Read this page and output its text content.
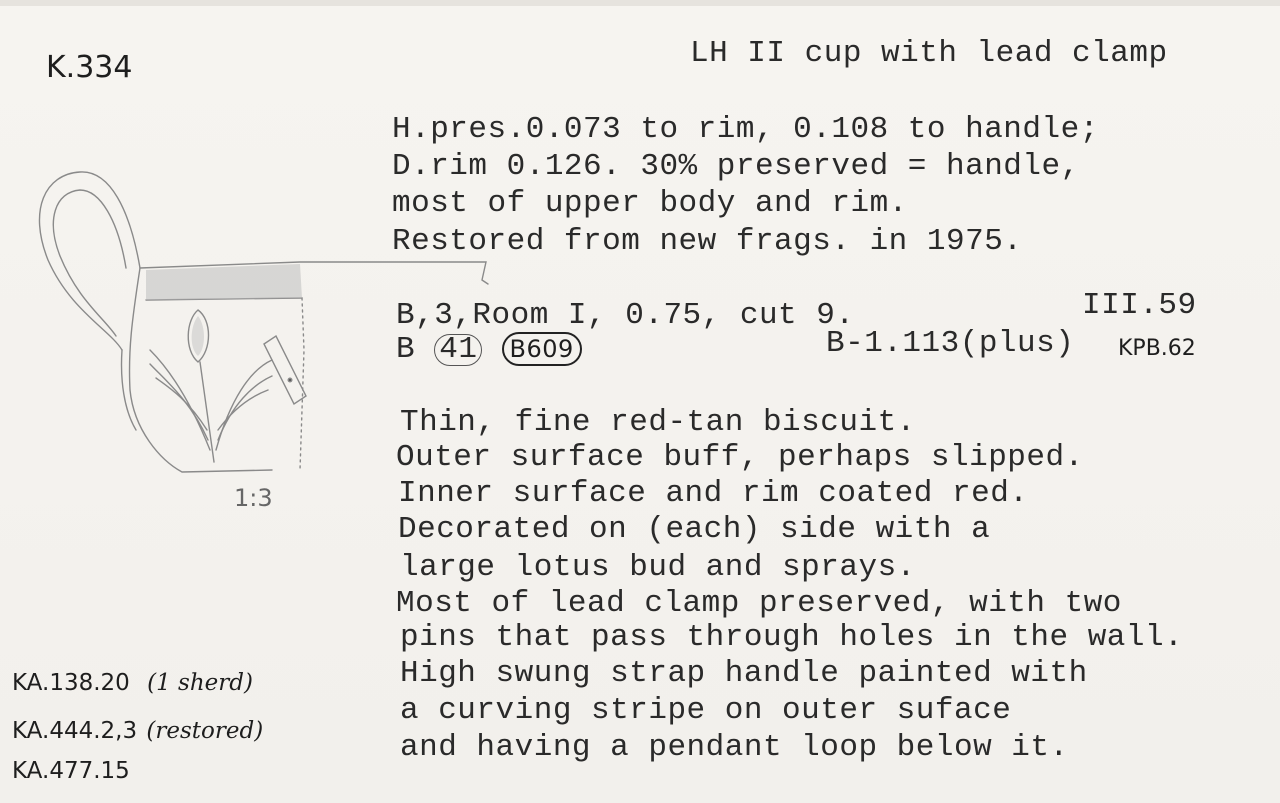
K.334	LH II cup with lead clamp
H.pres.0.073 to rim, 0.108 to handle;
D.rim 0.126. 30% preserved = handle,
most of upper body and rim.
Restored from new frags. in 1975.
B,3,Room I, 0.75, cut 9.	III.59
B 41 B609	B-1.113(plus) KPB.62
Thin, fine red-tan biscuit.
Outer surface buff, perhaps slipped.
Inner surface and rim coated red.
Decorated on (each) side with a
large lotus bud and sprays.
Most of lead clamp preserved, with two
pins that pass through holes in the wall.
High swung strap handle painted with
a curving stripe on outer suface
and having a pendant loop below it.
1:3
KA.138.20 (1 sherd)
KA.444.2,3 (restored)
KA.477.15
